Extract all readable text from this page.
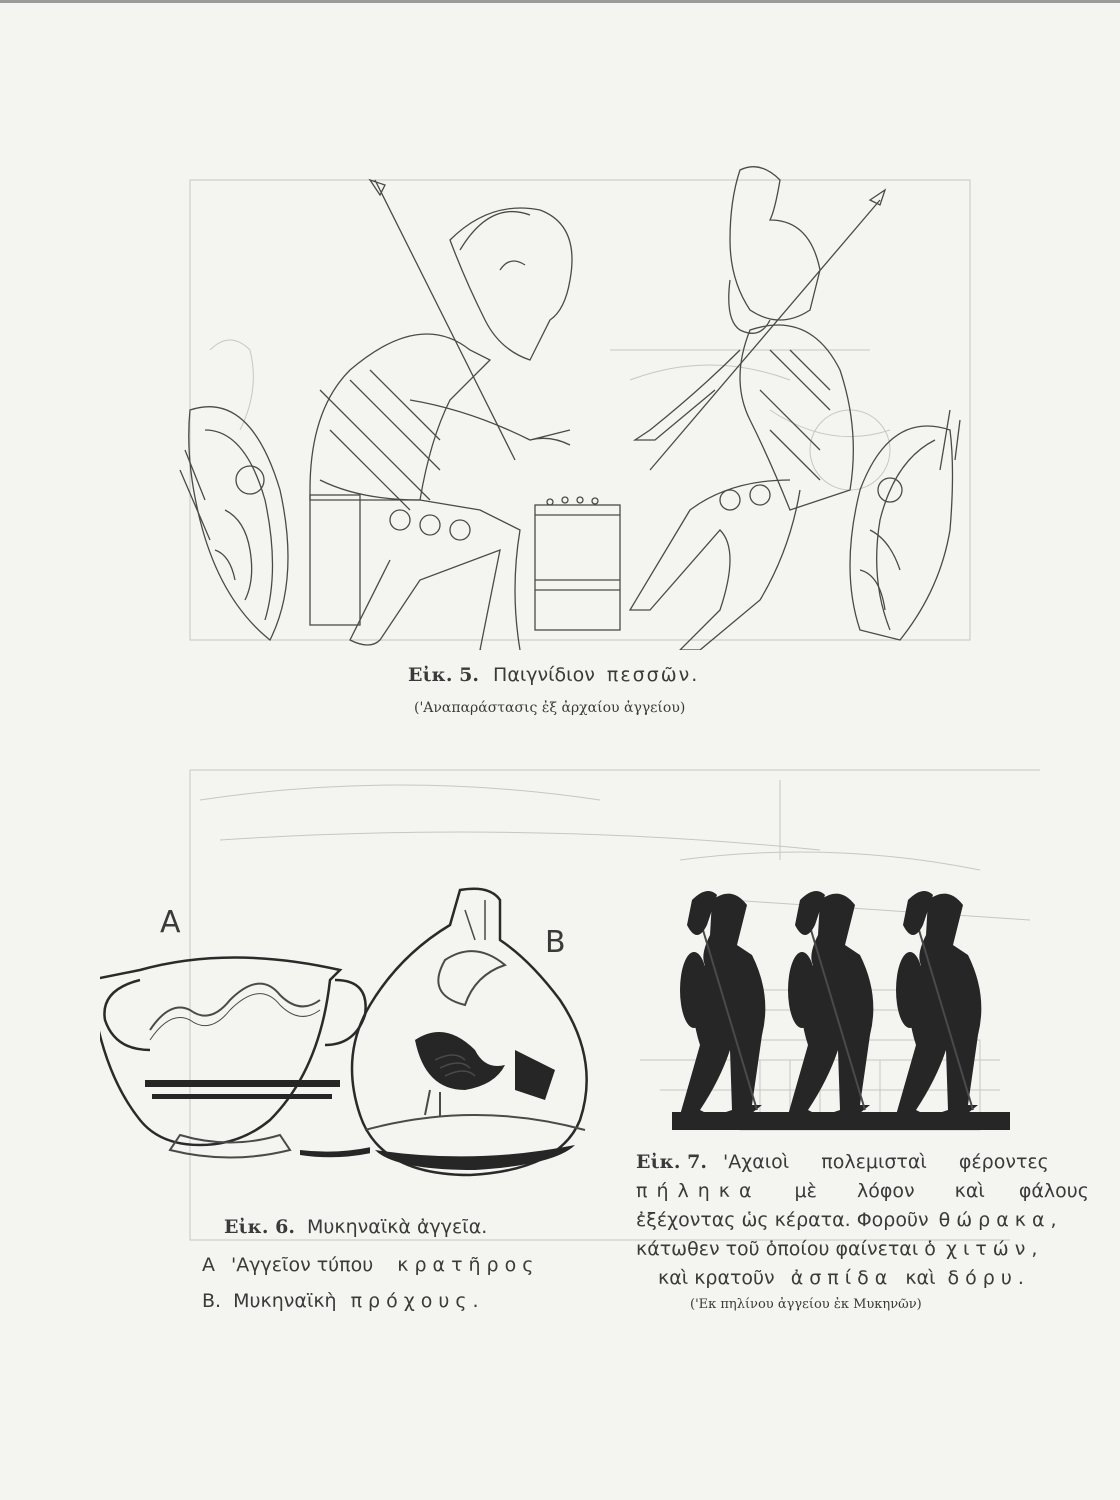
Εἰκ. 5. Παιγνίδιον πεσσῶν.
('Αναπαράστασις ἐξ ἀρχαίου ἀγγείου)
A
B
Εἰκ. 6. Μυκηναϊκὰ ἀγγεῖα.
A 'Αγγεῖον τύπου κρατῆρος
B. Μυκηναϊκὴ πρόχους.
Εἰκ. 7. 'Αχαιοὶ πολεμισταὶ φέροντες
πήληκα μὲ λόφον καὶ φάλους
ἐξέχοντας ὡς κέρατα. Φοροῦν θώρακα,
κάτωθεν τοῦ ὁποίου φαίνεται ὁ χιτών,
καὶ κρατοῦν ἀσπίδα καὶ δόρυ.
('Εκ πηλίνου ἀγγείου ἐκ Μυκηνῶν)
